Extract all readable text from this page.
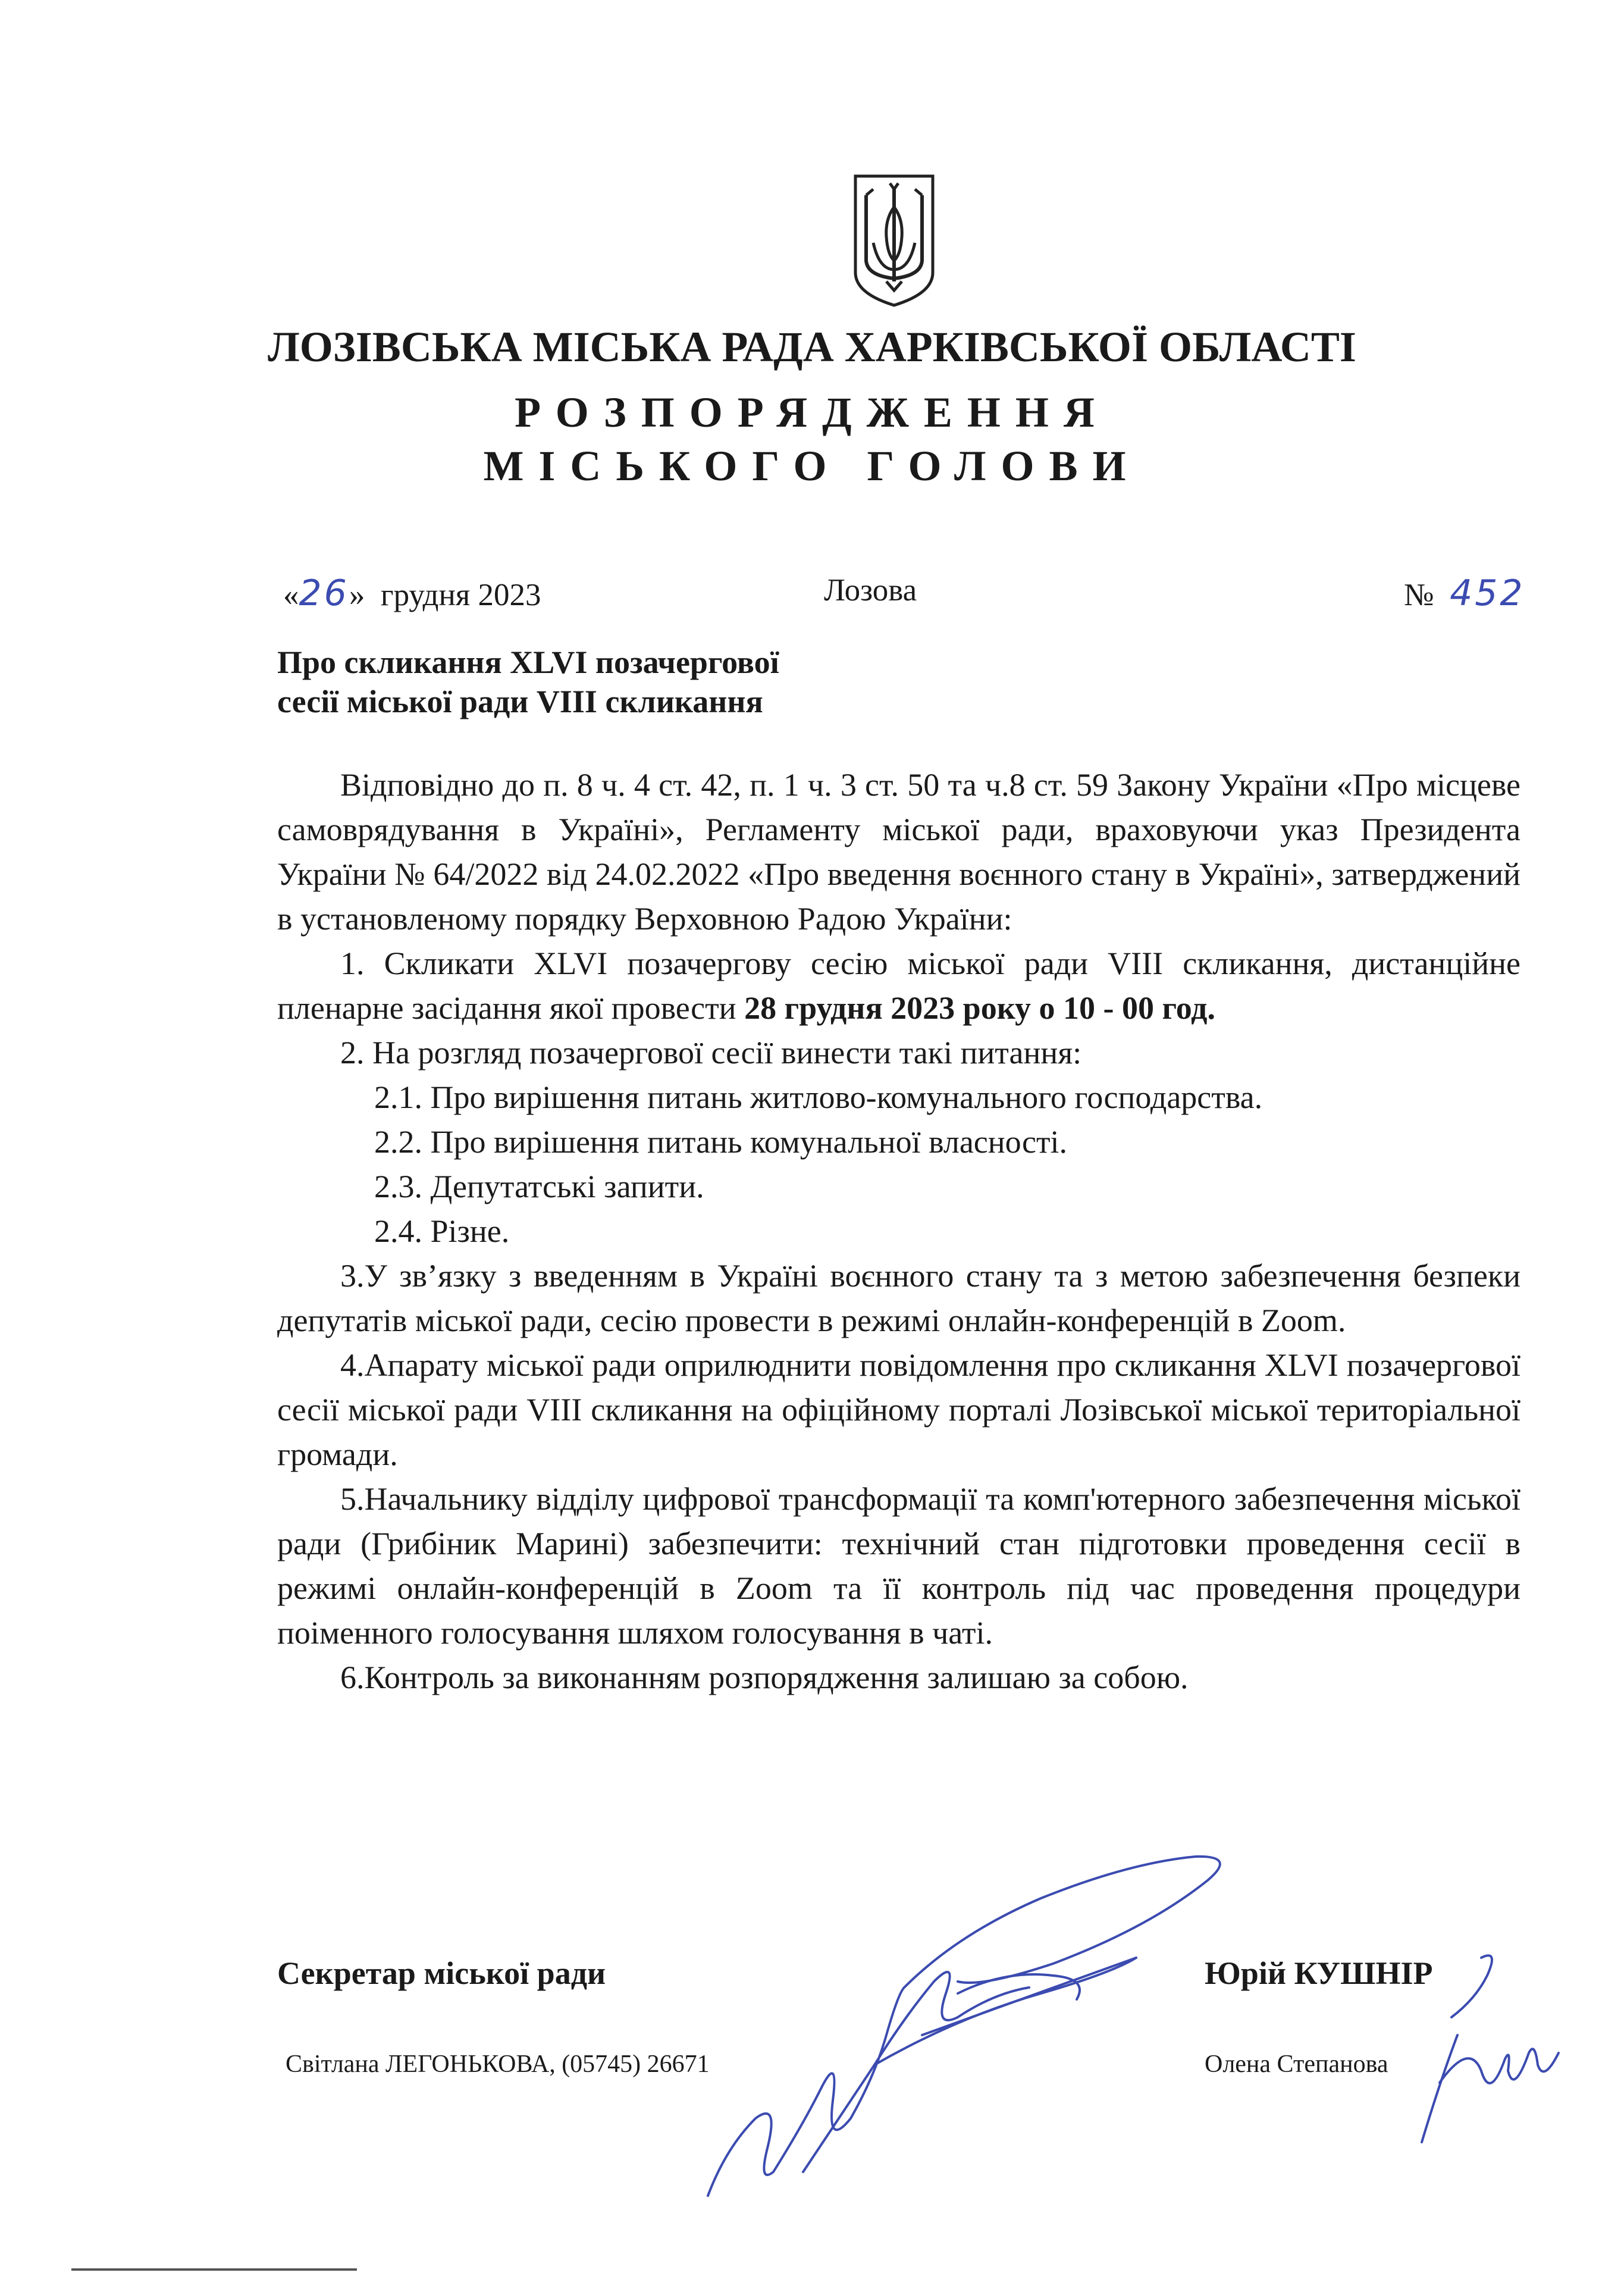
ЛОЗІВСЬКА МІСЬКА РАДА ХАРКІВСЬКОЇ ОБЛАСТІ
РОЗПОРЯДЖЕННЯ
МІСЬКОГО ГОЛОВИ
«26» грудня 2023	Лозова	№ 452
Про скликання XLVI позачергової
сесії міської ради VIII скликання

Відповідно до п. 8 ч. 4 ст. 42, п. 1 ч. 3 ст. 50 та ч.8 ст. 59 Закону України «Про місцеве самоврядування в Україні», Регламенту міської ради, враховуючи указ Президента України № 64/2022 від 24.02.2022 «Про введення воєнного стану в Україні», затверджений в установленому порядку Верховною Радою України:

1. Скликати XLVI позачергову сесію міської ради VIII скликання, дистанційне пленарне засідання якої провести 28 грудня 2023 року о 10 - 00 год.

2. На розгляд позачергової сесії винести такі питання:

2.1. Про вирішення питань житлово-комунального господарства.

2.2. Про вирішення питань комунальної власності.

2.3. Депутатські запити.

2.4. Різне.

3.У зв’язку з введенням в Україні воєнного стану та з метою забезпечення безпеки депутатів міської ради, сесію провести в режимі онлайн-конференцій в Zoom.

4.Апарату міської ради оприлюднити повідомлення про скликання XLVI позачергової сесії міської ради VIII скликання на офіційному порталі Лозівської міської територіальної громади.

5.Начальнику відділу цифрової трансформації та комп'ютерного забезпечення міської ради (Грибіник Марині) забезпечити: технічний стан підготовки проведення сесії в режимі онлайн-конференцій в Zoom та її контроль під час проведення процедури поіменного голосування шляхом голосування в чаті.

6.Контроль за виконанням розпорядження залишаю за собою.

Секретар міської ради	Юрій КУШНІР
Світлана ЛЕГОНЬКОВА, (05745) 26671	Олена Степанова
